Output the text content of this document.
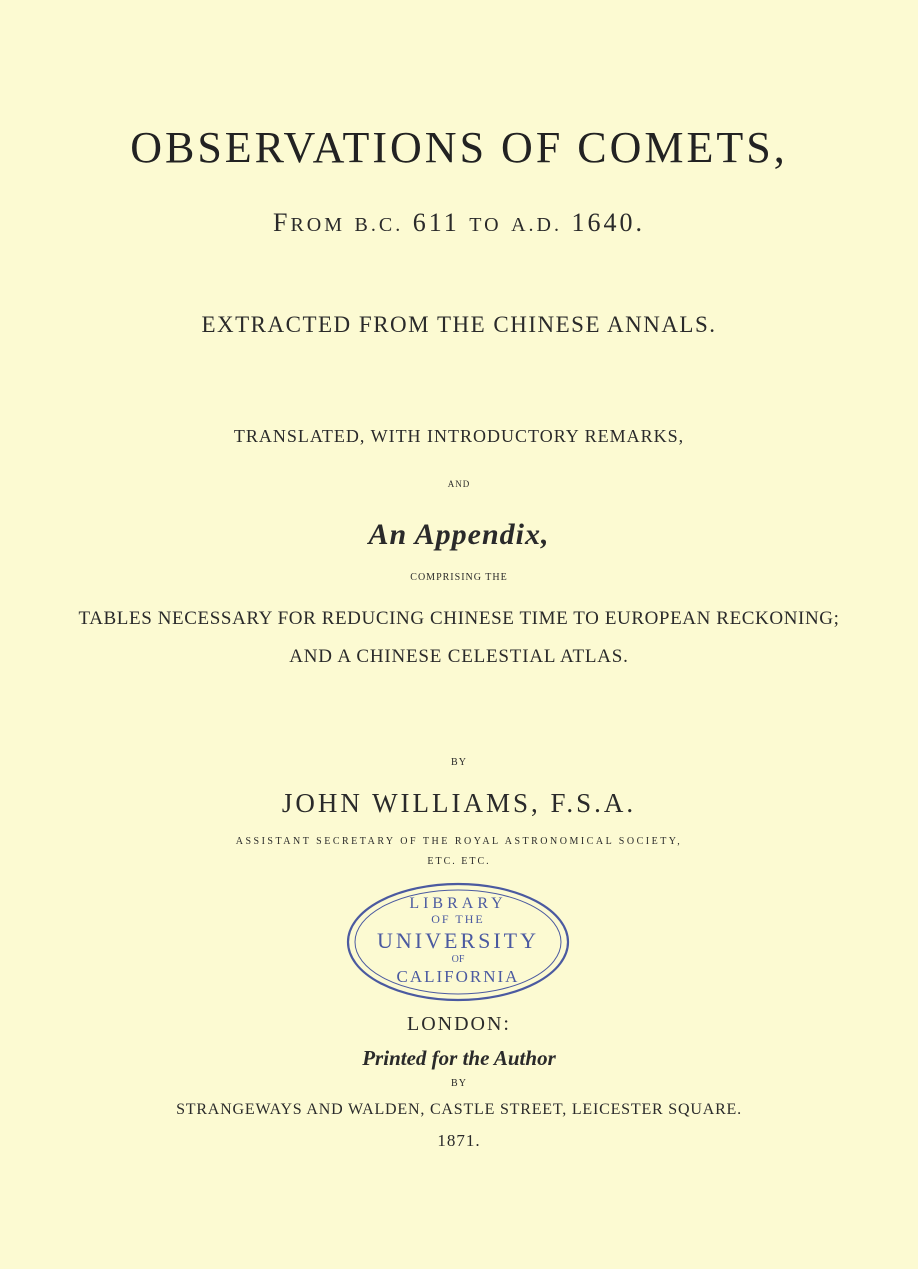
OBSERVATIONS OF COMETS,
FROM B.C. 611 TO A.D. 1640.
EXTRACTED FROM THE CHINESE ANNALS.
TRANSLATED, WITH INTRODUCTORY REMARKS,
AND
An Appendix,
COMPRISING THE
TABLES NECESSARY FOR REDUCING CHINESE TIME TO EUROPEAN RECKONING;
AND A CHINESE CELESTIAL ATLAS.
BY
JOHN WILLIAMS, F.S.A.
ASSISTANT SECRETARY OF THE ROYAL ASTRONOMICAL SOCIETY,
ETC. ETC.
LIBRARY
OF THE
UNIVERSITY
OF
CALIFORNIA
LONDON:
Printed for the Author
BY
STRANGEWAYS AND WALDEN, CASTLE STREET, LEICESTER SQUARE.
1871.
